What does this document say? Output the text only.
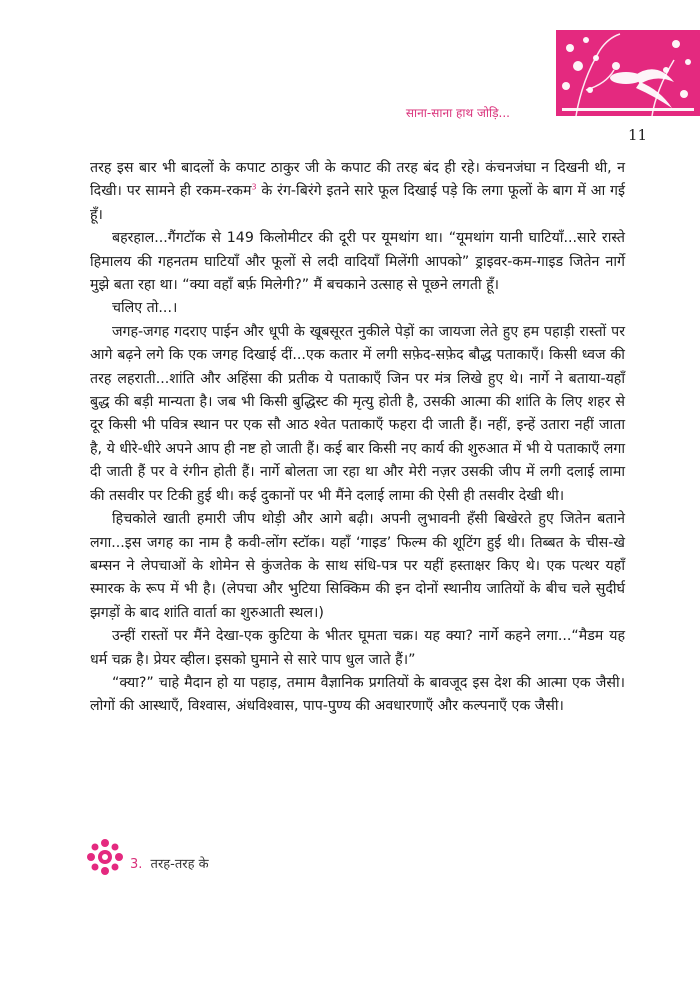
साना-साना हाथ जोड़ि...
11

तरह इस बार भी बादलों के कपाट ठाकुर जी के कपाट की तरह बंद ही रहे। कंचनजंघा न दिखनी थी, न दिखी। पर सामने ही रकम-रकम$^3$ के रंग-बिरंगे इतने सारे फूल दिखाई पड़े कि लगा फूलों के बाग में आ गई हूँ।

बहरहाल...गैंगटॉक से 149 किलोमीटर की दूरी पर यूमथांग था। “यूमथांग यानी घाटियाँ...सारे रास्ते हिमालय की गहनतम घाटियाँ और फूलों से लदी वादियाँ मिलेंगी आपको” ड्राइवर-कम-गाइड जितेन नार्गे मुझे बता रहा था। “क्या वहाँ बर्फ़ मिलेगी?” मैं बचकाने उत्साह से पूछने लगती हूँ।

चलिए तो...।

जगह-जगह गदराए पाईन और धूपी के खूबसूरत नुकीले पेड़ों का जायजा लेते हुए हम पहाड़ी रास्तों पर आगे बढ़ने लगे कि एक जगह दिखाई दीं...एक कतार में लगी सफ़ेद-सफ़ेद बौद्ध पताकाएँ। किसी ध्वज की तरह लहराती...शांति और अहिंसा की प्रतीक ये पताकाएँ जिन पर मंत्र लिखे हुए थे। नार्गे ने बताया-यहाँ बुद्ध की बड़ी मान्यता है। जब भी किसी बुद्धिस्ट की मृत्यु होती है, उसकी आत्मा की शांति के लिए शहर से दूर किसी भी पवित्र स्थान पर एक सौ आठ श्वेत पताकाएँ फहरा दी जाती हैं। नहीं, इन्हें उतारा नहीं जाता है, ये धीरे-धीरे अपने आप ही नष्ट हो जाती हैं। कई बार किसी नए कार्य की शुरुआत में भी ये पताकाएँ लगा दी जाती हैं पर वे रंगीन होती हैं। नार्गे बोलता जा रहा था और मेरी नज़र उसकी जीप में लगी दलाई लामा की तसवीर पर टिकी हुई थी। कई दुकानों पर भी मैंने दलाई लामा की ऐसी ही तसवीर देखी थी।

हिचकोले खाती हमारी जीप थोड़ी और आगे बढ़ी। अपनी लुभावनी हँसी बिखेरते हुए जितेन बताने लगा...इस जगह का नाम है कवी-लोंग स्टॉक। यहाँ ‘गाइड’ फिल्म की शूटिंग हुई थी। तिब्बत के चीस-खे बम्सन ने लेपचाओं के शोमेन से कुंजतेक के साथ संधि-पत्र पर यहीं हस्ताक्षर किए थे। एक पत्थर यहाँ स्मारक के रूप में भी है। (लेपचा और भुटिया सिक्किम की इन दोनों स्थानीय जातियों के बीच चले सुदीर्घ झगड़ों के बाद शांति वार्ता का शुरुआती स्थल।)

उन्हीं रास्तों पर मैंने देखा-एक कुटिया के भीतर घूमता चक्र। यह क्या? नार्गे कहने लगा...“मैडम यह धर्म चक्र है। प्रेयर व्हील। इसको घुमाने से सारे पाप धुल जाते हैं।”

“क्या?” चाहे मैदान हो या पहाड़, तमाम वैज्ञानिक प्रगतियों के बावजूद इस देश की आत्मा एक जैसी। लोगों की आस्थाएँ, विश्वास, अंधविश्वास, पाप-पुण्य की अवधारणाएँ और कल्पनाएँ एक जैसी।

3. तरह-तरह के
